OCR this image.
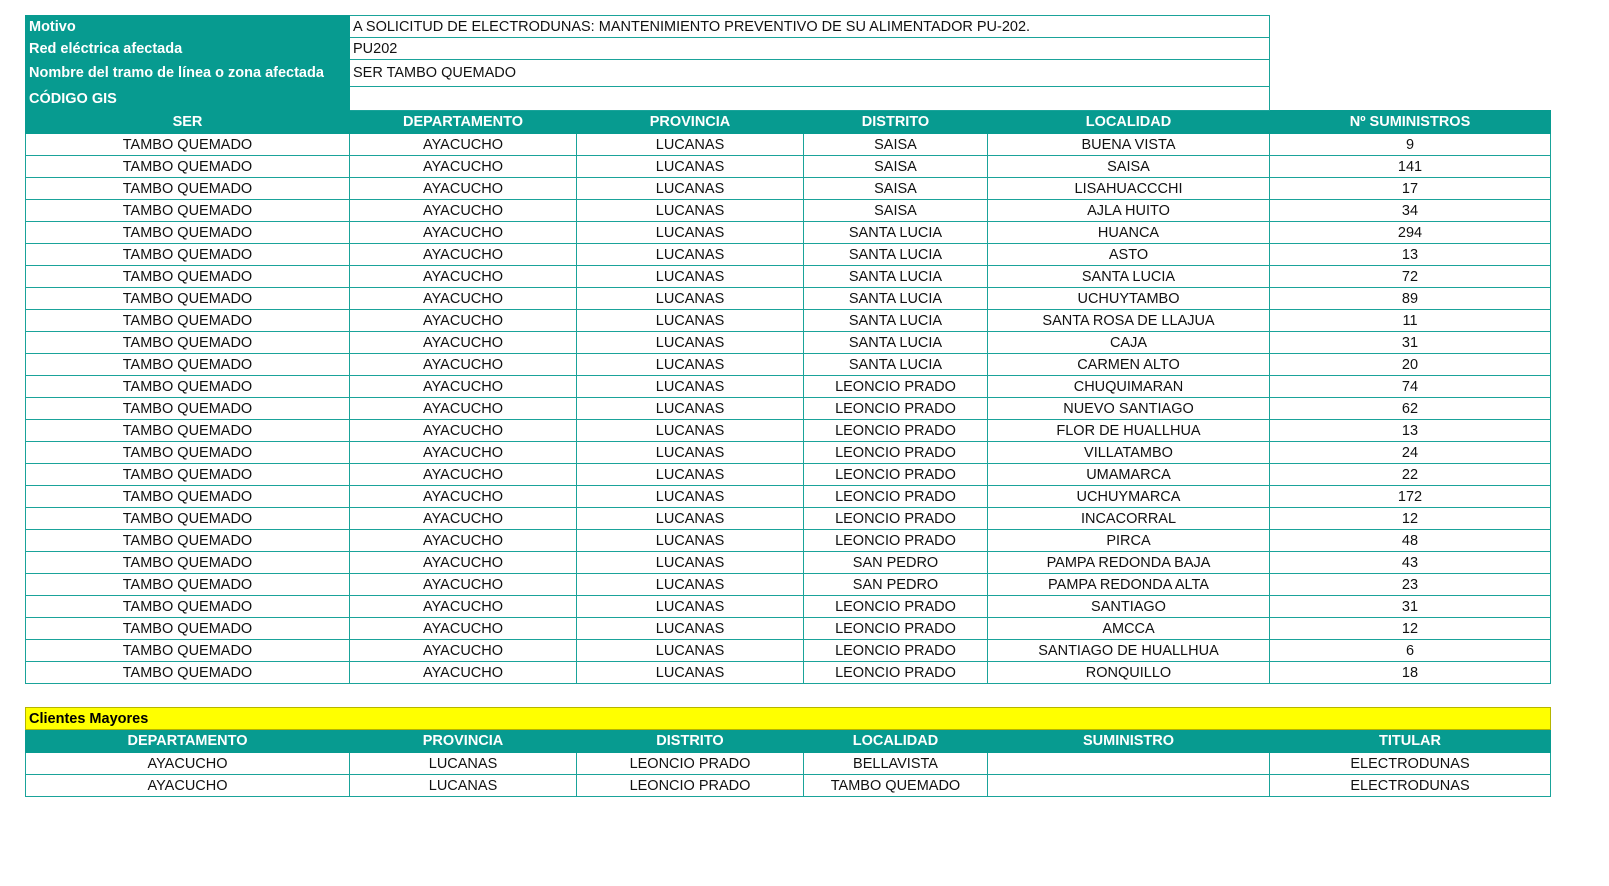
Motivo	A SOLICITUD DE ELECTRODUNAS: MANTENIMIENTO PREVENTIVO DE SU ALIMENTADOR PU-202.				
Red eléctrica afectada	PU202				
Nombre del tramo de línea o zona afectada	SER TAMBO QUEMADO				
CÓDIGO GIS					
SER	DEPARTAMENTO	PROVINCIA	DISTRITO	LOCALIDAD	Nº SUMINISTROS
TAMBO QUEMADO	AYACUCHO	LUCANAS	SAISA	BUENA VISTA	9
TAMBO QUEMADO	AYACUCHO	LUCANAS	SAISA	SAISA	141
TAMBO QUEMADO	AYACUCHO	LUCANAS	SAISA	LISAHUACCCHI	17
TAMBO QUEMADO	AYACUCHO	LUCANAS	SAISA	AJLA HUITO	34
TAMBO QUEMADO	AYACUCHO	LUCANAS	SANTA LUCIA	HUANCA	294
TAMBO QUEMADO	AYACUCHO	LUCANAS	SANTA LUCIA	ASTO	13
TAMBO QUEMADO	AYACUCHO	LUCANAS	SANTA LUCIA	SANTA LUCIA	72
TAMBO QUEMADO	AYACUCHO	LUCANAS	SANTA LUCIA	UCHUYTAMBO	89
TAMBO QUEMADO	AYACUCHO	LUCANAS	SANTA LUCIA	SANTA ROSA DE LLAJUA	11
TAMBO QUEMADO	AYACUCHO	LUCANAS	SANTA LUCIA	CAJA	31
TAMBO QUEMADO	AYACUCHO	LUCANAS	SANTA LUCIA	CARMEN ALTO	20
TAMBO QUEMADO	AYACUCHO	LUCANAS	LEONCIO PRADO	CHUQUIMARAN	74
TAMBO QUEMADO	AYACUCHO	LUCANAS	LEONCIO PRADO	NUEVO SANTIAGO	62
TAMBO QUEMADO	AYACUCHO	LUCANAS	LEONCIO PRADO	FLOR DE HUALLHUA	13
TAMBO QUEMADO	AYACUCHO	LUCANAS	LEONCIO PRADO	VILLATAMBO	24
TAMBO QUEMADO	AYACUCHO	LUCANAS	LEONCIO PRADO	UMAMARCA	22
TAMBO QUEMADO	AYACUCHO	LUCANAS	LEONCIO PRADO	UCHUYMARCA	172
TAMBO QUEMADO	AYACUCHO	LUCANAS	LEONCIO PRADO	INCACORRAL	12
TAMBO QUEMADO	AYACUCHO	LUCANAS	LEONCIO PRADO	PIRCA	48
TAMBO QUEMADO	AYACUCHO	LUCANAS	SAN PEDRO	PAMPA REDONDA BAJA	43
TAMBO QUEMADO	AYACUCHO	LUCANAS	SAN PEDRO	PAMPA REDONDA ALTA	23
TAMBO QUEMADO	AYACUCHO	LUCANAS	LEONCIO PRADO	SANTIAGO	31
TAMBO QUEMADO	AYACUCHO	LUCANAS	LEONCIO PRADO	AMCCA	12
TAMBO QUEMADO	AYACUCHO	LUCANAS	LEONCIO PRADO	SANTIAGO DE HUALLHUA	6
TAMBO QUEMADO	AYACUCHO	LUCANAS	LEONCIO PRADO	RONQUILLO	18

Clientes Mayores					
DEPARTAMENTO	PROVINCIA	DISTRITO	LOCALIDAD	SUMINISTRO	TITULAR
AYACUCHO	LUCANAS	LEONCIO PRADO	BELLAVISTA		ELECTRODUNAS
AYACUCHO	LUCANAS	LEONCIO PRADO	TAMBO QUEMADO		ELECTRODUNAS
